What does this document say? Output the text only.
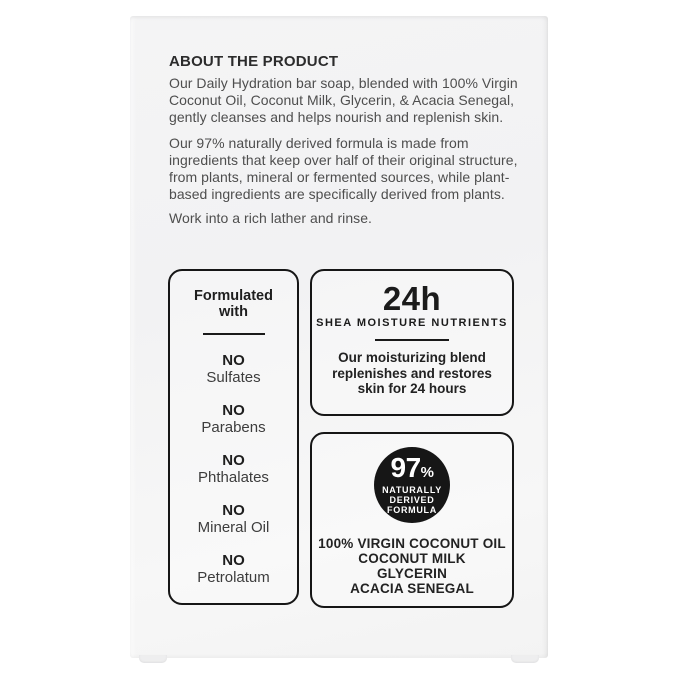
ABOUT THE PRODUCT

Our Daily Hydration bar soap, blended with 100% Virgin Coconut Oil, Coconut Milk, Glycerin, & Acacia Senegal, gently cleanses and helps nourish and replenish skin.

Our 97% naturally derived formula is made from ingredients that keep over half of their original structure, from plants, mineral or fermented sources, while plant-based ingredients are specifically derived from plants.

Work into a rich lather and rinse.

Formulated with
NO
Sulfates
NO
Parabens
NO
Phthalates
NO
Mineral Oil
NO
Petrolatum
24h
SHEA MOISTURE NUTRIENTS

Our moisturizing blend replenishes and restores skin for 24 hours

97%
NATURALLY
DERIVED
FORMULA
100% VIRGIN COCONUT OIL
COCONUT MILK
GLYCERIN
ACACIA SENEGAL
